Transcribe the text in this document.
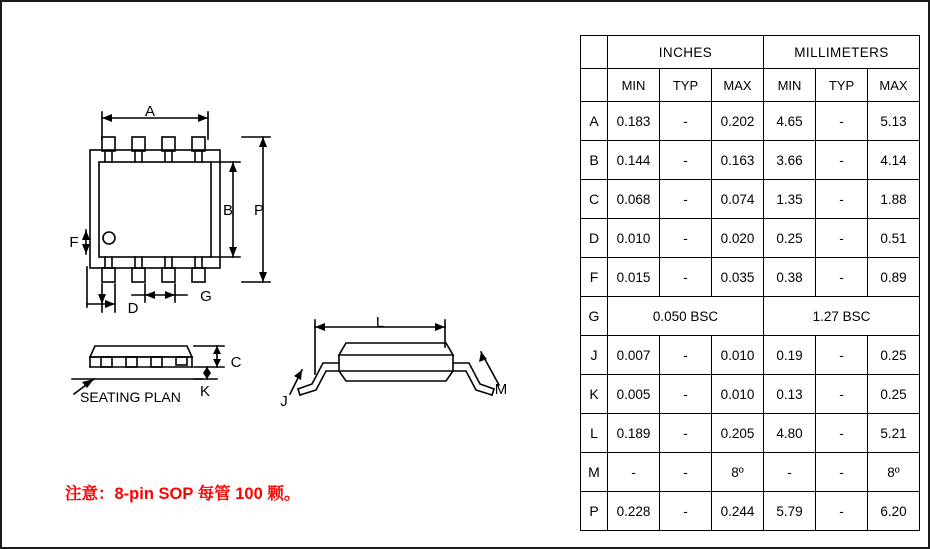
A
B P
F
D
G
C
K
L
J
M
SEATING PLAN
注意：8-pin SOP 每管 100 颗。
	INCHES			MILLIMETERS		
	MIN	TYP	MAX	MIN	TYP	MAX
A	0.183	-	0.202	4.65	-	5.13
B	0.144	-	0.163	3.66	-	4.14
C	0.068	-	0.074	1.35	-	1.88
D	0.010	-	0.020	0.25	-	0.51
F	0.015	-	0.035	0.38	-	0.89
G	0.050 BSC			1.27 BSC		
J	0.007	-	0.010	0.19	-	0.25
K	0.005	-	0.010	0.13	-	0.25
L	0.189	-	0.205	4.80	-	5.21
M	-	-	8º	-	-	8º
P	0.228	-	0.244	5.79	-	6.20
